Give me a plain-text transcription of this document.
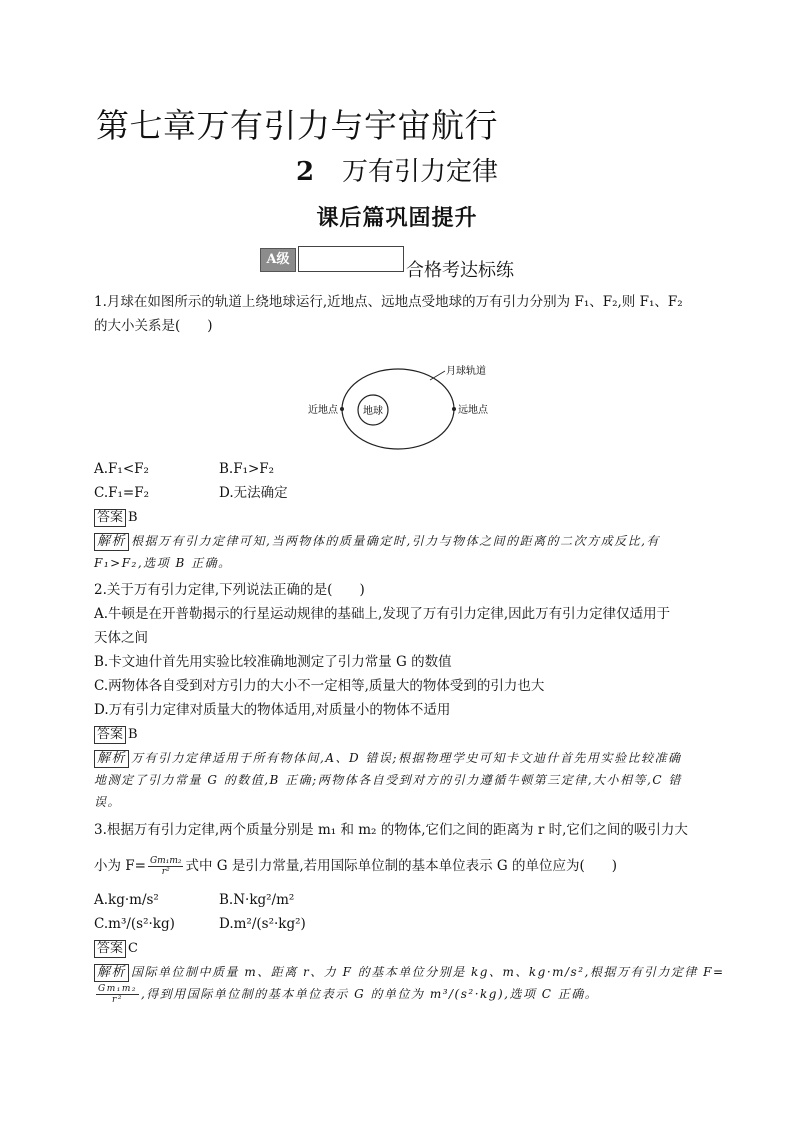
第七章万有引力与宇宙航行
2 万有引力定律
课后篇巩固提升
A级
合格考达标练
1.月球在如图所示的轨道上绕地球运行,近地点、远地点受地球的万有引力分别为 F₁、F₂,则 F₁、F₂
的大小关系是(　　)
月球轨道
地球
近地点	远地点
A.F₁<F₂	B.F₁>F₂
C.F₁=F₂	D.无法确定
答案 B
解析 根据万有引力定律可知,当两物体的质量确定时,引力与物体之间的距离的二次方成反比,有
F₁>F₂,选项 B 正确。
2.关于万有引力定律,下列说法正确的是(　　)
A.牛顿是在开普勒揭示的行星运动规律的基础上,发现了万有引力定律,因此万有引力定律仅适用于
天体之间
B.卡文迪什首先用实验比较准确地测定了引力常量 G 的数值
C.两物体各自受到对方引力的大小不一定相等,质量大的物体受到的引力也大
D.万有引力定律对质量大的物体适用,对质量小的物体不适用
答案 B
解析 万有引力定律适用于所有物体间,A、D 错误;根据物理学史可知卡文迪什首先用实验比较准确
地测定了引力常量 G 的数值,B 正确;两物体各自受到对方的引力遵循牛顿第三定律,大小相等,C 错
误。
3.根据万有引力定律,两个质量分别是 m₁ 和 m₂ 的物体,它们之间的距离为 r 时,它们之间的吸引力大
小为 $F= \frac{\text{Gm₁m₂}}{\text{r²}}$ 式中 G 是引力常量,若用国际单位制的基本单位表示 G 的单位应为(　　)
A.kg·m/s²	B.N·kg²/m²
C.m³/(s²·kg)	D.m²/(s²·kg²)
答案 C
解析 国际单位制中质量 m、距离 r、力 F 的基本单位分别是 kg、m、kg·m/s²,根据万有引力定律 F=
$\frac{\text{Gm₁m₂}}{\text{r²}}$ ,得到用国际单位制的基本单位表示 G 的单位为 m³/(s²·kg),选项 C 正确。
